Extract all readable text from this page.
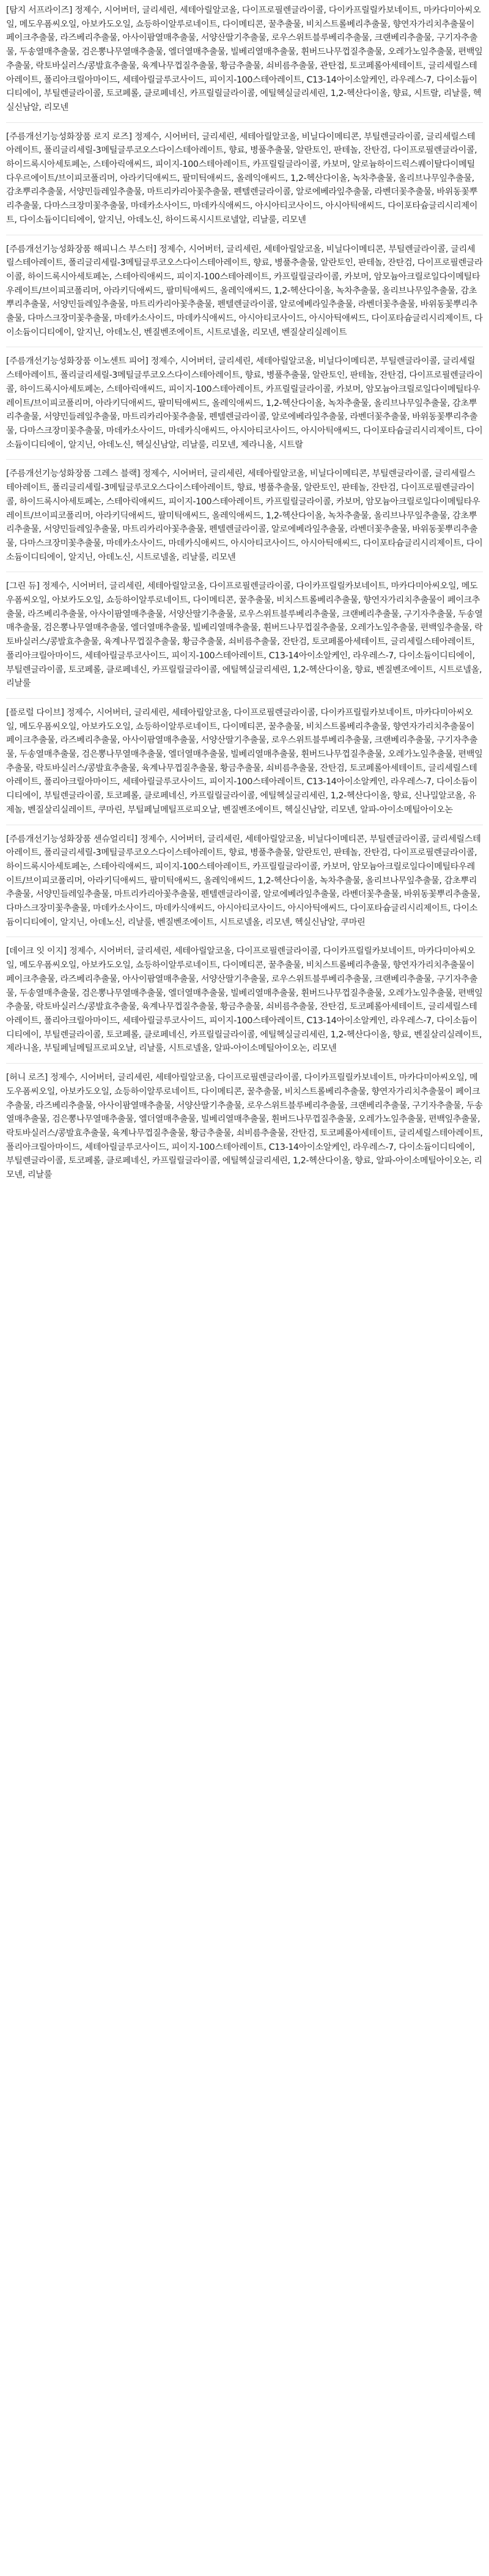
[탐지 서프라이즈] 정제수, 시어버터, 글리세린, 세테아릴알코올, 다이프로필렌글라이콜, 다이카프릴릴카보네이트, 마카다미아씨오일, 메도우폼씨오일, 아보카도오일, 쇼등하이알루로네이트, 다이메티콘, 꿀추출물, 비치스트롤베리추출물, 향연자가리치추출물이 페이크추출물, 라즈베리추출물, 아사이팜열매추출물, 서양산딸기추출물, 로우스위트블루베리추출물, 크랜베리추출물, 구기자추출물, 두송열매추출물, 검은뽕나무열매추출물, 엘더열매추출물, 빌베리열매추출물, 휜버드나무껍질추출물, 오레가노잎추출물, 편백잎추출물, 락토바실러스/콩발효추출물, 육계나무껍질추출물, 황금추출물, 쇠비름추출물, 관탄접, 토코페롤아세테이트, 글리세릴스테아레이트, 폴리아크릴아마이드, 세테아릴글루코사이드, 피이지-100스테아레이트, C13-14아이소알케인, 라우레스-7, 다이소듐이디티에이, 부틸렌글라이콜, 토코페롤, 클로페네신, 카프릴릴글라이콜, 에틸헥실글리세린, 1,2-헥산다이올, 향료, 시트랄, 리날룰, 헥실신남알, 리모넨

[주름개선기능성화장품 로지 로즈] 정제수, 시어버터, 글리세린, 세테아릴알코올, 비닐다이메티콘, 부틸렌글라이콜, 글리세릴스테아레이트, 폴리글리세릴-3메틸글루코오스다이스테아레이트, 향료, 병풀추출물, 알란토인, 판테놀, 잔탄검, 다이프로필렌글라이콜, 하이드록시아세토페논, 스테아릭애씨드, 피이지-100스테아레이트, 카프릴릴글라이콜, 카보머, 알로늄하이드릭스퀘이탈다이메틸다우르에이트/브이피코폴리머, 아라키딕애씨드, 팔미틱애씨드, 올레익애씨드, 1,2-헥산다이올, 녹차추출물, 올리브나무잎추출물, 감초뿌리추출물, 서양민들레잎추출물, 마트리카리아꽃추출물, 펜텔렌글라이콜, 알로에베라잎추출물, 라벤더꽃추출물, 바위동꽃뿌리추출물, 다마스크장미꽃추출물, 마데카소사이드, 마데카식애씨드, 아시아티코사이드, 아시아틱애씨드, 다이포타슘글리시리제이트, 다이소듐이디티에이, 알지닌, 아데노신, 하이드록시시트로넬알, 리날룰, 리모넨

[주름개선기능성화장품 해피니스 부스터] 정제수, 시어버터, 글리세린, 세테아릴알코올, 비닐다이메티콘, 부틸렌글라이콜, 글리세릴스테아레이트, 폴리글리세릴-3메틸글루코오스다이스테아레이트, 향료, 병풀추출물, 알란토인, 판테놀, 잔탄검, 다이프로필렌글라이콜, 하이드록시아세토페논, 스테아릭애씨드, 피이지-100스테아레이트, 카프릴릴글라이콜, 카보머, 암모늄아크릴로일다이메틸타우레이트/브이피코폴리머, 아라키딕애씨드, 팔미틱애씨드, 올레익애씨드, 1,2-헥산다이올, 녹차추출물, 올리브나무잎추출물, 감초뿌리추출물, 서양민들레잎추출물, 마트리카리아꽃추출물, 펜텔렌글라이콜, 알로에베라잎추출물, 라벤더꽃추출물, 바위동꽃뿌리추출물, 다마스크장미꽃추출물, 마데카소사이드, 마데카식애씨드, 아시아티코사이드, 아시아틱애씨드, 다이포타슘글리시리제이트, 다이소듐이디티에이, 알지닌, 아데노신, 벤질벤조에이트, 시트로넬올, 리모넨, 벤질살리실레이트

[주름개선기능성화장품 이노센트 피어] 정제수, 시어버터, 글리세린, 세테아릴알코올, 비닐다이메티콘, 부틸렌글라이콜, 글리세릴스테아레이트, 폴리글리세릴-3메틸글루코오스다이스테아레이트, 향료, 병풀추출물, 알란토인, 판테놀, 잔탄검, 다이프로필렌글라이콜, 하이드록시아세토페논, 스테아릭애씨드, 피이지-100스테아레이트, 카프릴릴글라이콜, 카보머, 암모늄아크릴로일다이메틸타우레이트/브이피코폴리머, 아라키딕애씨드, 팔미틱애씨드, 올레익애씨드, 1,2-헥산다이올, 녹차추출물, 올리브나무잎추출물, 감초뿌리추출물, 서양민들레잎추출물, 마트리카리아꽃추출물, 펜텔렌글라이콜, 알로에베라잎추출물, 라벤더꽃추출물, 바위동꽃뿌리추출물, 다마스크장미꽃추출물, 마데카소사이드, 마데카식애씨드, 아시아티코사이드, 아시아틱애씨드, 다이포타슘글리시리제이트, 다이소듐이디티에이, 알지닌, 아데노신, 헥실신남알, 리날룰, 리모넨, 제라니올, 시트랄

[주름개선기능성화장품 그레스 블랙] 정제수, 시어버터, 글리세린, 세테아릴알코올, 비닐다이메티콘, 부틸렌글라이콜, 글리세릴스테아레이트, 폴리글리세릴-3메틸글루코오스다이스테아레이트, 향료, 병풀추출물, 알란토인, 판테놀, 잔탄검, 다이프로필렌글라이콜, 하이드록시아세토페논, 스테아릭애씨드, 피이지-100스테아레이트, 카프릴릴글라이콜, 카보머, 암모늄아크릴로일다이메틸타우레이트/브이피코폴리머, 아라키딕애씨드, 팔미틱애씨드, 올레익애씨드, 1,2-헥산다이올, 녹차추출물, 올리브나무잎추출물, 감초뿌리추출물, 서양민들레잎추출물, 마트리카리아꽃추출물, 펜텔렌글라이콜, 알로에베라잎추출물, 라벤더꽃추출물, 바위동꽃뿌리추출물, 다마스크장미꽃추출물, 마데카소사이드, 마데카식애씨드, 아시아티코사이드, 아시아틱애씨드, 다이포타슘글리시리제이트, 다이소듐이디티에이, 알지닌, 아데노신, 시트로넬올, 리날룰, 리모넨

[그린 듀] 정제수, 시어버터, 글리세린, 세테아릴알코올, 다이프로필렌글라이콜, 다이카프릴릴카보네이트, 마카다미아씨오일, 메도우폼씨오일, 아보카도오일, 쇼등하이알루로네이트, 다이메티콘, 꿀추출물, 비치스트롤베리추출물, 향연자가리치추출물이 페이크추출물, 라즈베리추출물, 아사이팜열매추출물, 서양산딸기추출물, 로우스위트블루베리추출물, 크랜베리추출물, 구기자추출물, 두송열매추출물, 검은뽕나무열매추출물, 엘더열매추출물, 빌베리열매추출물, 휜버드나무껍질추출물, 오레가노잎추출물, 편백잎추출물, 락토바실러스/콩발효추출물, 육계나무껍질추출물, 황금추출물, 쇠비름추출물, 잔탄검, 토코페롤아세테이트, 글리세릴스테아레이트, 폴리아크릴아마이드, 세테아릴글루코사이드, 피이지-100스테아레이트, C13-14아이소알케인, 라우레스-7, 다이소듐이디티에이, 부틸렌글라이콜, 토코페롤, 클로페네신, 카프릴릴글라이콜, 에틸헥실글리세린, 1,2-헥산다이올, 향료, 벤질벤조에이트, 시트로넬올, 리날룰

[플로럴 다이브] 정제수, 시어버터, 글리세린, 세테아릴알코올, 다이프로필렌글라이콜, 다이카프릴릴카보네이트, 마카다미아씨오일, 메도우폼씨오일, 아보카도오일, 쇼등하이알루로네이트, 다이메티콘, 꿀추출물, 비치스트롤베리추출물, 향연자가리치추출물이 페이크추출물, 라즈베리추출물, 아사이팜열매추출물, 서양산딸기추출물, 로우스위트블루베리추출물, 크랜베리추출물, 구기자추출물, 두송열매추출물, 검은뽕나무열매추출물, 엘더열매추출물, 빌베리열매추출물, 휜버드나무껍질추출물, 오레가노잎추출물, 편백잎추출물, 락토바실러스/콩발효추출물, 육계나무껍질추출물, 황금추출물, 쇠비름추출물, 잔탄검, 토코페롤아세테이트, 글리세릴스테아레이트, 폴리아크릴아마이드, 세테아릴글루코사이드, 피이지-100스테아레이트, C13-14아이소알케인, 라우레스-7, 다이소듐이디티에이, 부틸렌글라이콜, 토코페롤, 클로페네신, 카프릴릴글라이콜, 에틸헥실글리세린, 1,2-헥산다이올, 향료, 신나밀알코올, 유제놀, 벤질살리실레이트, 쿠마린, 부틸페닐메틸프로피오날, 벤질벤조에이트, 헥실신남알, 리모넨, 알파-아이소메틸아이오논

[주름개선기능성화장품 센슈얼리티] 정제수, 시어버터, 글리세린, 세테아릴알코올, 비닐다이메티콘, 부틸렌글라이콜, 글리세릴스테아레이트, 폴리글리세릴-3메틸글루코오스다이스테아레이트, 향료, 병풀추출물, 알란토인, 판테놀, 잔탄검, 다이프로필렌글라이콜, 하이드록시아세토페논, 스테아릭애씨드, 피이지-100스테아레이트, 카프릴릴글라이콜, 카보머, 암모늄아크릴로일다이메틸타우레이트/브이피코폴리머, 아라키딕애씨드, 팔미틱애씨드, 올레익애씨드, 1,2-헥산다이올, 녹차추출물, 올리브나무잎추출물, 감초뿌리추출물, 서양민들레잎추출물, 마트리카리아꽃추출물, 펜텔렌글라이콜, 알로에베라잎추출물, 라벤더꽃추출물, 바위동꽃뿌리추출물, 다마스크장미꽃추출물, 마데카소사이드, 마데카식애씨드, 아시아티코사이드, 아시아틱애씨드, 다이포타슘글리시리제이트, 다이소듐이디티에이, 알지닌, 아데노신, 리날룰, 벤질벤조에이트, 시트로넬올, 리모넨, 헥실신남알, 쿠마린

[데이크 잇 이지] 정제수, 시어버터, 글리세린, 세테아릴알코올, 다이프로필렌글라이콜, 다이카프릴릴카보네이트, 마카다미아씨오일, 메도우폼씨오일, 아보카도오일, 쇼등하이알루로네이트, 다이메티콘, 꿀추출물, 비치스트롤베리추출물, 향연자가리치추출물이 페이크추출물, 라즈베리추출물, 아사이팜열매추출물, 서양산딸기추출물, 로우스위트블루베리추출물, 크랜베리추출물, 구기자추출물, 두송열매추출물, 검은뽕나무열매추출물, 엘더열매추출물, 빌베리열매추출물, 휜버드나무껍질추출물, 오레가노잎추출물, 편백잎추출물, 락토바실러스/콩발효추출물, 육계나무껍질추출물, 황금추출물, 쇠비름추출물, 잔탄검, 토코페롤아세테이트, 글리세릴스테아레이트, 폴리아크릴아마이드, 세테아릴글루코사이드, 피이지-100스테아레이트, C13-14아이소알케인, 라우레스-7, 다이소듐이디티에이, 부틸렌글라이콜, 토코페롤, 클로페네신, 카프릴릴글라이콜, 에틸헥실글리세린, 1,2-헥산다이올, 향료, 벤질살리실레이트, 제라니올, 부틸페닐메틸프로피오날, 리날룰, 시트로넬올, 알파-아이소메틸아이오논, 리모넨

[허니 로즈] 정제수, 시어버터, 글리세린, 세테아릴알코올, 다이프로필렌글라이콜, 다이카프릴릴카보네이트, 마카다미아씨오일, 메도우폼씨오일, 아보카도오일, 쇼등하이알루로네이트, 다이메티콘, 꿀추출물, 비치스트롤베리추출물, 향연자가리치추출물이 페이크추출물, 라즈베리추출물, 아사이팜열매추출물, 서양산딸기추출물, 로우스위트블루베리추출물, 크랜베리추출물, 구기자추출물, 두송열매추출물, 검은뽕나무열매추출물, 엘더열매추출물, 빌베리열매추출물, 휜버드나무껍질추출물, 오레가노잎추출물, 편백잎추출물, 락토바실러스/콩발효추출물, 육계나무껍질추출물, 황금추출물, 쇠비름추출물, 잔탄검, 토코페롤아세테이트, 글리세릴스테아레이트, 폴리아크릴아마이드, 세테아릴글루코사이드, 피이지-100스테아레이트, C13-14아이소알케인, 라우레스-7, 다이소듐이디티에이, 부틸렌글라이콜, 토코페롤, 클로페네신, 카프릴릴글라이콜, 에틸헥실글리세린, 1,2-헥산다이올, 향료, 알파-아이소메틸아이오논, 리모넨, 리날룰
